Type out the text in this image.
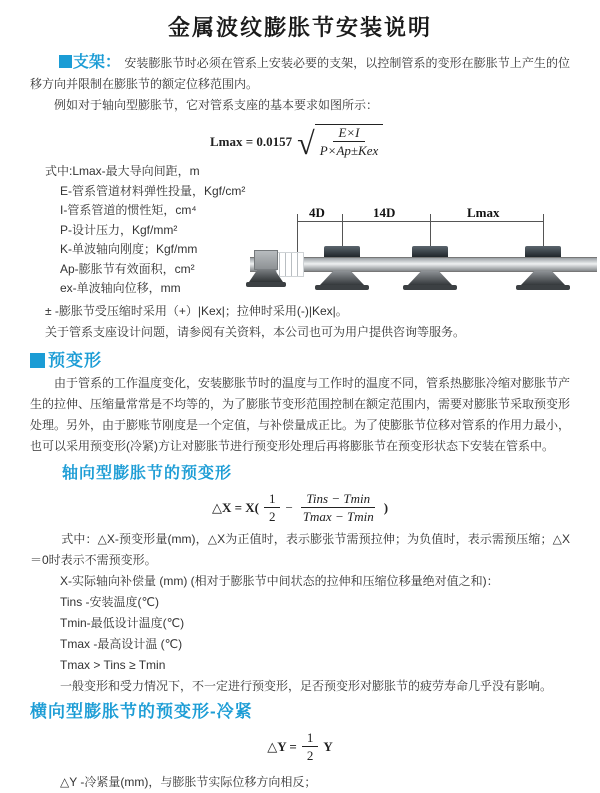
金属波纹膨胀节安装说明

支架： 安装膨胀节时必须在管系上安装必要的支架，以控制管系的变形在膨胀节上产生的位移方向并限制在膨胀节的额定位移范围内。

例如对于轴向型膨胀节，它对管系支座的基本要求如图所示：

Lmax = 0.0157 √ $\frac{E\times I}{\text{P×Ap±Kex}}$
式中:Lmax-最大导向间距，m
E-管系管道材料弹性投量，Kgf/cm²
I-管系管道的惯性矩，cm⁴
P-设计压力，Kgf/mm²
K-单波轴向刚度；Kgf/mm
Ap-膨胀节有效面积，cm²
ex-单波轴向位移，mm
± -膨胀节受压缩时采用（+）|Kex|；拉伸时采用(-)|Kex|。
关于管系支座设计问题，请参阅有关资料，本公司也可为用户提供咨询等服务。
4D	14D	Lmax
预变形

由于管系的工作温度变化，安装膨胀节时的温度与工作时的温度不同，管系热膨胀冷缩对膨胀节产生的拉伸、压缩量常常是不均等的，为了膨胀节变形范围控制在额定范围内，需要对膨胀节采取预变形处理。另外，由于膨账节刚度是一个定值，与补偿量成正比。为了使膨胀节位移对管系的作用力最小，也可以采用预变形(冷紧)方让对膨胀节进行预变形处理后再将膨胀节在预变形状态下安装在管系中。

轴向型膨胀节的预变形
△X = $X( \frac{1}{2} - \frac{\text{Tins − Tmin}}{Tmax - Tmin}$ )

式中：△X-预变形量(mm)，△X为正值时，表示膨张节需预拉伸；为负值时，表示需预压缩；△X＝0时表示不需预变形。

X-实际轴向补偿量 (mm) (相对于膨胀节中间状态的拉伸和压缩位移量绝对值之和)：
Tins -安装温度(℃)
Tmin-最低设计温度(℃)
Tmax -最高设计温 (℃)
Tmax > Tins ≥ Tmin
一般变形和受力情况下，不一定进行预变形，足否预变形对膨胀节的疲劳寿命几乎没有影响。
横向型膨胀节的预变形-冷紧
△Y = $\frac{1}{2}$ Y
△Y -冷紧量(mm)，与膨胀节实际位移方向相反；
